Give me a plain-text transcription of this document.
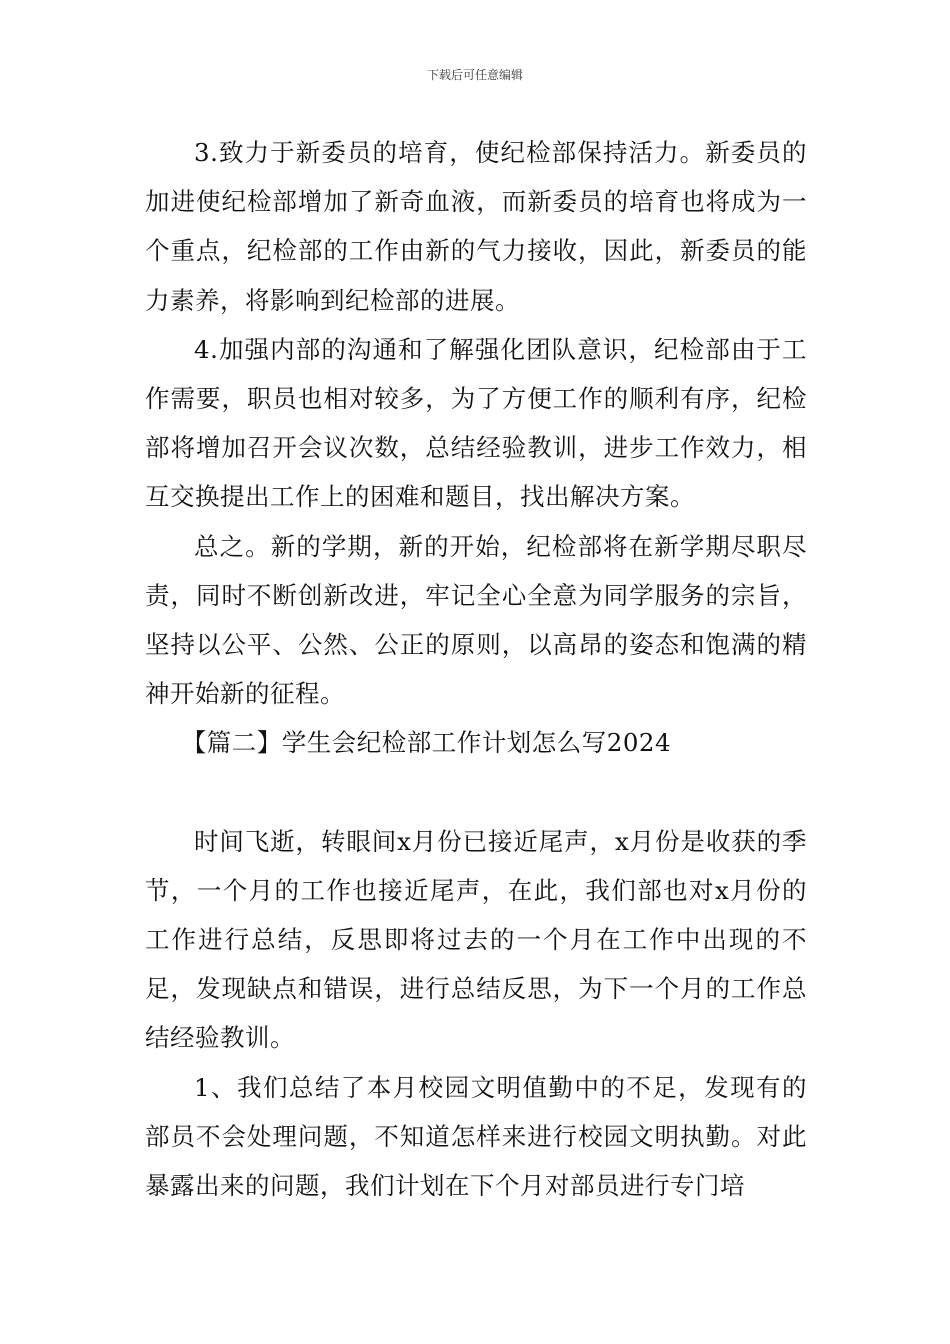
下载后可任意编辑

3.致力于新委员的培育，使纪检部保持活力。新委员的加进使纪检部增加了新奇血液，而新委员的培育也将成为一个重点，纪检部的工作由新的气力接收，因此，新委员的能力素养，将影响到纪检部的进展。

4.加强内部的沟通和了解强化团队意识，纪检部由于工作需要，职员也相对较多，为了方便工作的顺利有序，纪检部将增加召开会议次数，总结经验教训，进步工作效力，相互交换提出工作上的困难和题目，找出解决方案。

总之。新的学期，新的开始，纪检部将在新学期尽职尽责，同时不断创新改进，牢记全心全意为同学服务的宗旨，坚持以公平、公然、公正的原则，以高昂的姿态和饱满的精神开始新的征程。

【篇二】学生会纪检部工作计划怎么写2024

时间飞逝，转眼间x月份已接近尾声，x月份是收获的季节，一个月的工作也接近尾声，在此，我们部也对x月份的工作进行总结，反思即将过去的一个月在工作中出现的不足，发现缺点和错误，进行总结反思，为下一个月的工作总结经验教训。

1、我们总结了本月校园文明值勤中的不足，发现有的部员不会处理问题，不知道怎样来进行校园文明执勤。对此暴露出来的问题，我们计划在下个月对部员进行专门培
